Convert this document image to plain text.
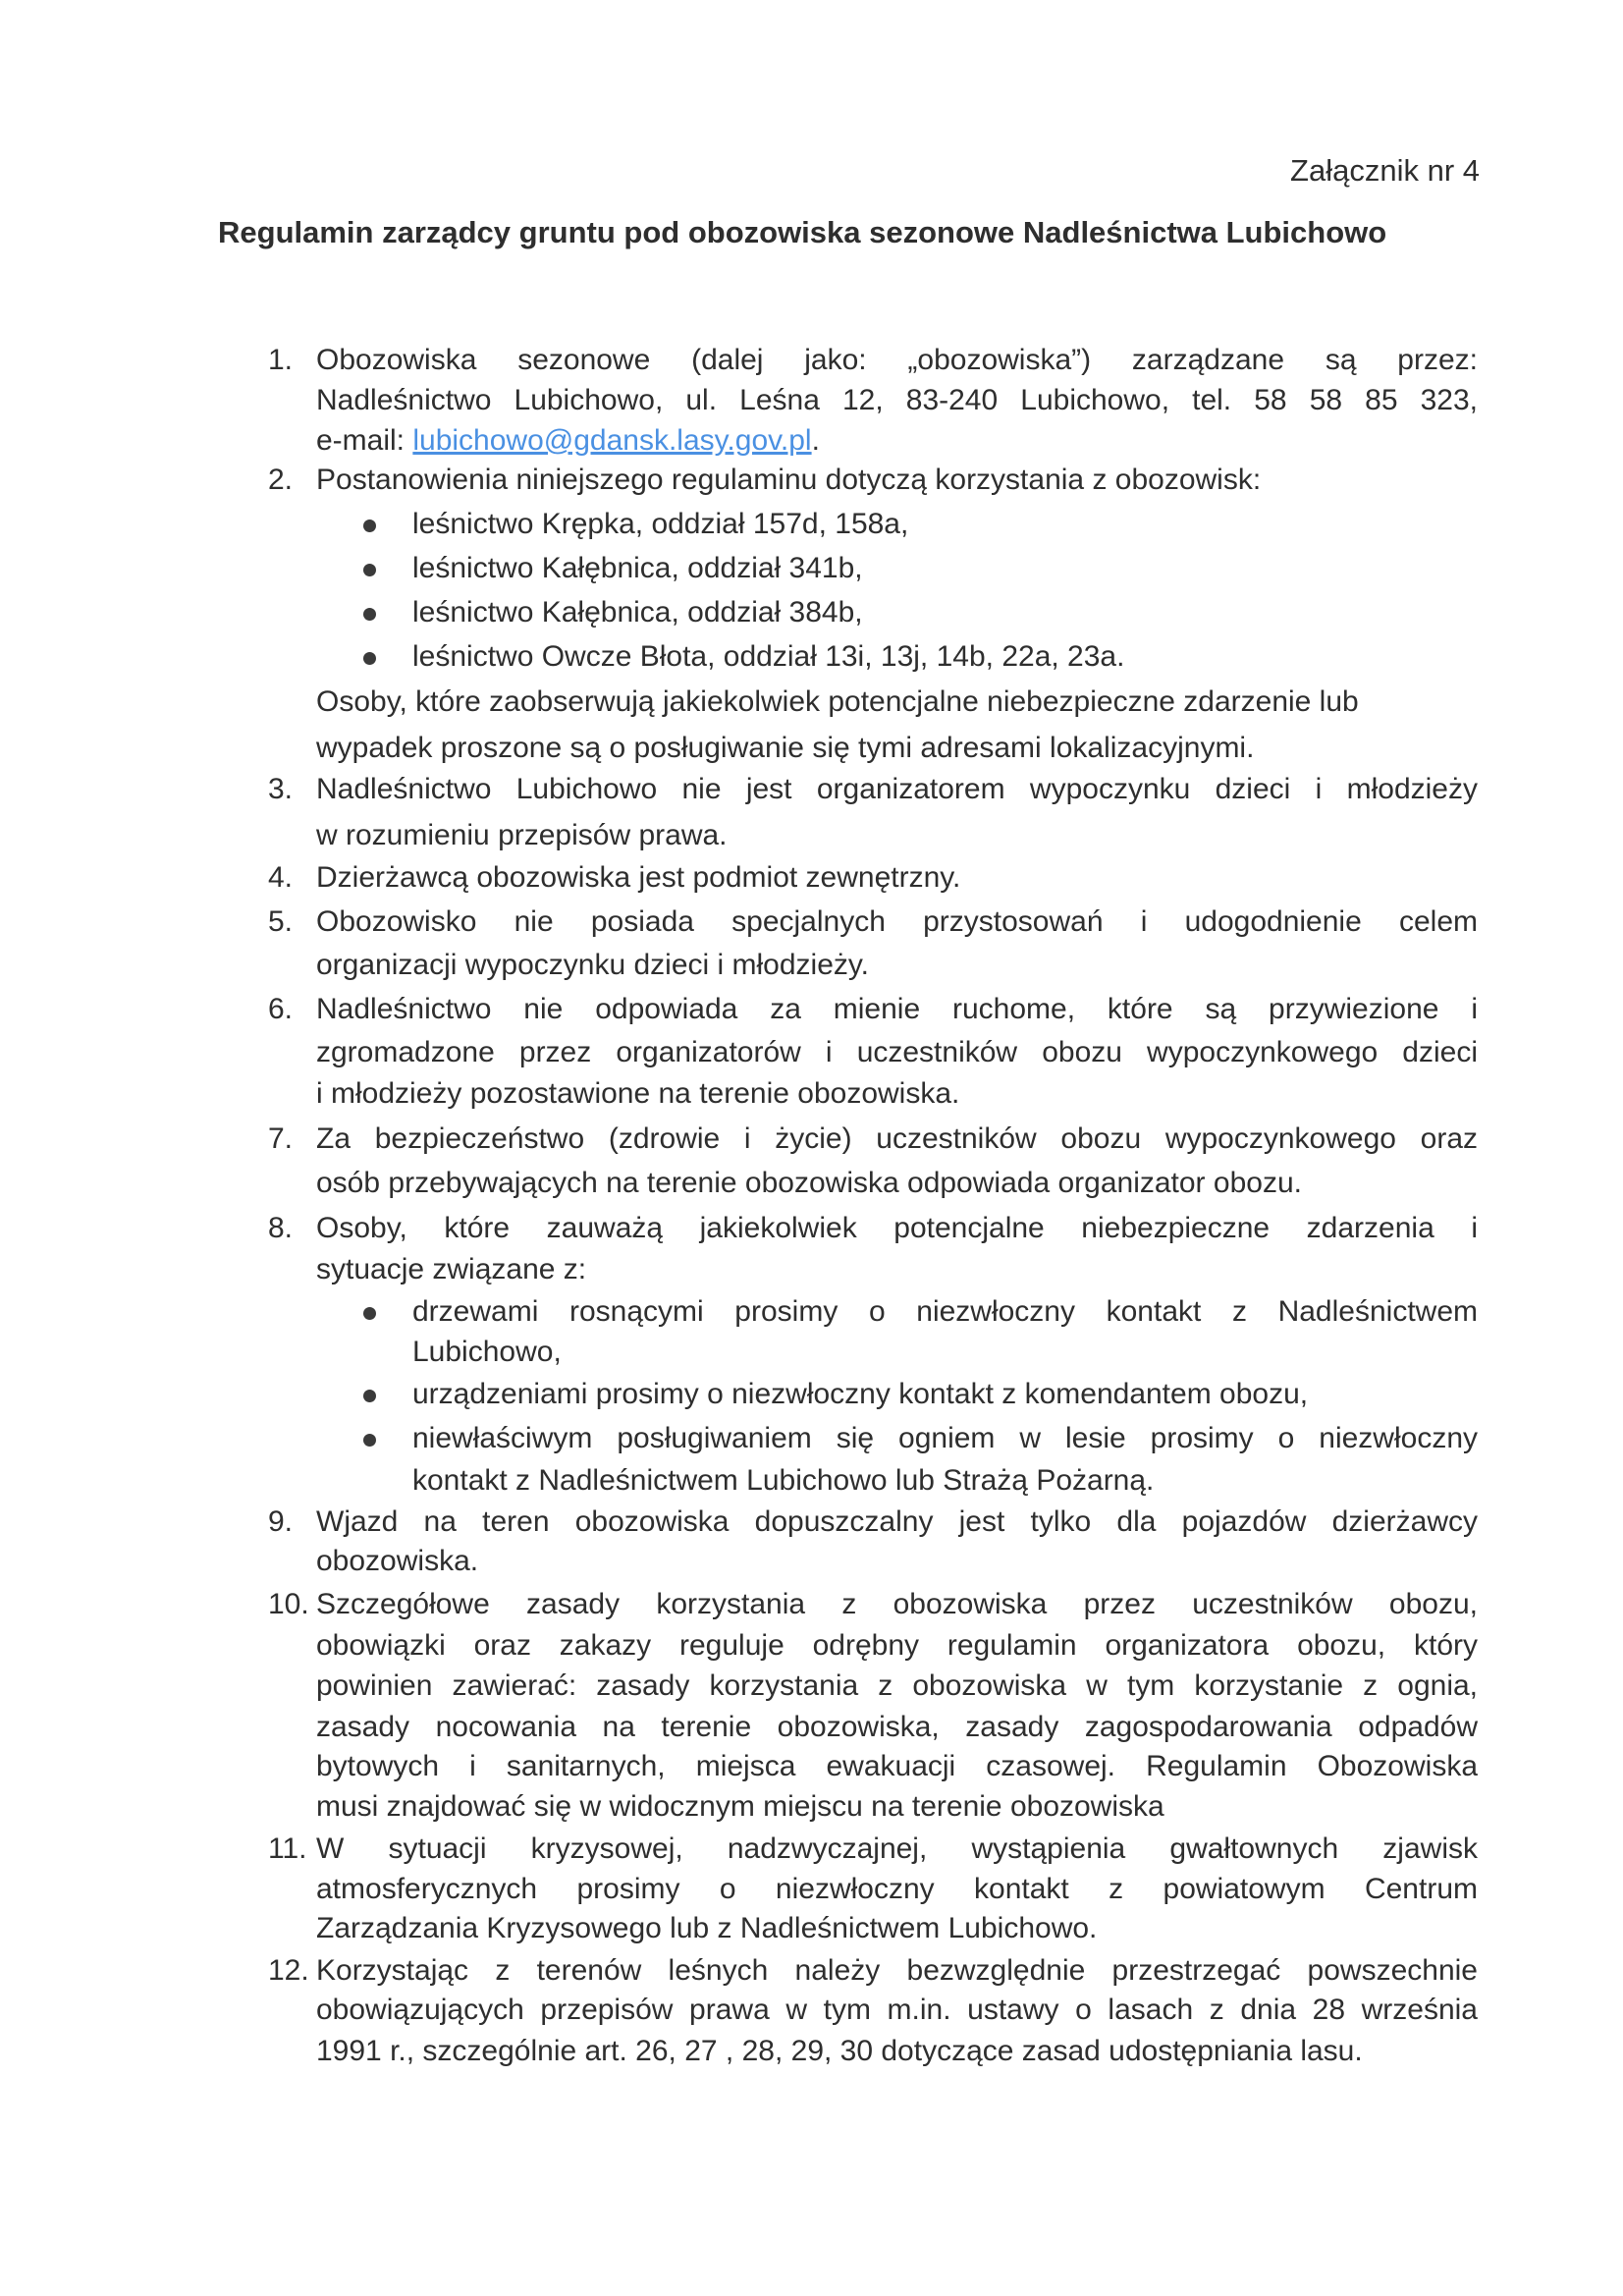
Załącznik nr 4
Regulamin zarządcy gruntu pod obozowiska sezonowe Nadleśnictwa Lubichowo
1. Obozowiska sezonowe (dalej jako: „obozowiska”) zarządzane są przez:
Nadleśnictwo Lubichowo, ul. Leśna 12, 83-240 Lubichowo, tel. 58 58 85 323,
e-mail: lubichowo@gdansk.lasy.gov.pl.
2. Postanowienia niniejszego regulaminu dotyczą korzystania z obozowisk:
leśnictwo Krępka, oddział 157d, 158a,
leśnictwo Kałębnica, oddział 341b,
leśnictwo Kałębnica, oddział 384b,
leśnictwo Owcze Błota, oddział 13i, 13j, 14b, 22a, 23a.
Osoby, które zaobserwują jakiekolwiek potencjalne niebezpieczne zdarzenie lub
wypadek proszone są o posługiwanie się tymi adresami lokalizacyjnymi.
3. Nadleśnictwo Lubichowo nie jest organizatorem wypoczynku dzieci i młodzieży
w rozumieniu przepisów prawa.
4. Dzierżawcą obozowiska jest podmiot zewnętrzny.
5. Obozowisko nie posiada specjalnych przystosowań i udogodnienie celem
organizacji wypoczynku dzieci i młodzieży.
6. Nadleśnictwo nie odpowiada za mienie ruchome, które są przywiezione i
zgromadzone przez organizatorów i uczestników obozu wypoczynkowego dzieci
i młodzieży pozostawione na terenie obozowiska.
7. Za bezpieczeństwo (zdrowie i życie) uczestników obozu wypoczynkowego oraz
osób przebywających na terenie obozowiska odpowiada organizator obozu.
8. Osoby, które zauważą jakiekolwiek potencjalne niebezpieczne zdarzenia i
sytuacje związane z:
drzewami rosnącymi prosimy o niezwłoczny kontakt z Nadleśnictwem
Lubichowo,
urządzeniami prosimy o niezwłoczny kontakt z komendantem obozu,
niewłaściwym posługiwaniem się ogniem w lesie prosimy o niezwłoczny
kontakt z Nadleśnictwem Lubichowo lub Strażą Pożarną.
9. Wjazd na teren obozowiska dopuszczalny jest tylko dla pojazdów dzierżawcy
obozowiska.
10. Szczegółowe zasady korzystania z obozowiska przez uczestników obozu,
obowiązki oraz zakazy reguluje odrębny regulamin organizatora obozu, który
powinien zawierać: zasady korzystania z obozowiska w tym korzystanie z ognia,
zasady nocowania na terenie obozowiska, zasady zagospodarowania odpadów
bytowych i sanitarnych, miejsca ewakuacji czasowej. Regulamin Obozowiska
musi znajdować się w widocznym miejscu na terenie obozowiska
11. W sytuacji kryzysowej, nadzwyczajnej, wystąpienia gwałtownych zjawisk
atmosferycznych prosimy o niezwłoczny kontakt z powiatowym Centrum
Zarządzania Kryzysowego lub z Nadleśnictwem Lubichowo.
12. Korzystając z terenów leśnych należy bezwzględnie przestrzegać powszechnie
obowiązujących przepisów prawa w tym m.in. ustawy o lasach z dnia 28 września
1991 r., szczególnie art. 26, 27 , 28, 29, 30 dotyczące zasad udostępniania lasu.
